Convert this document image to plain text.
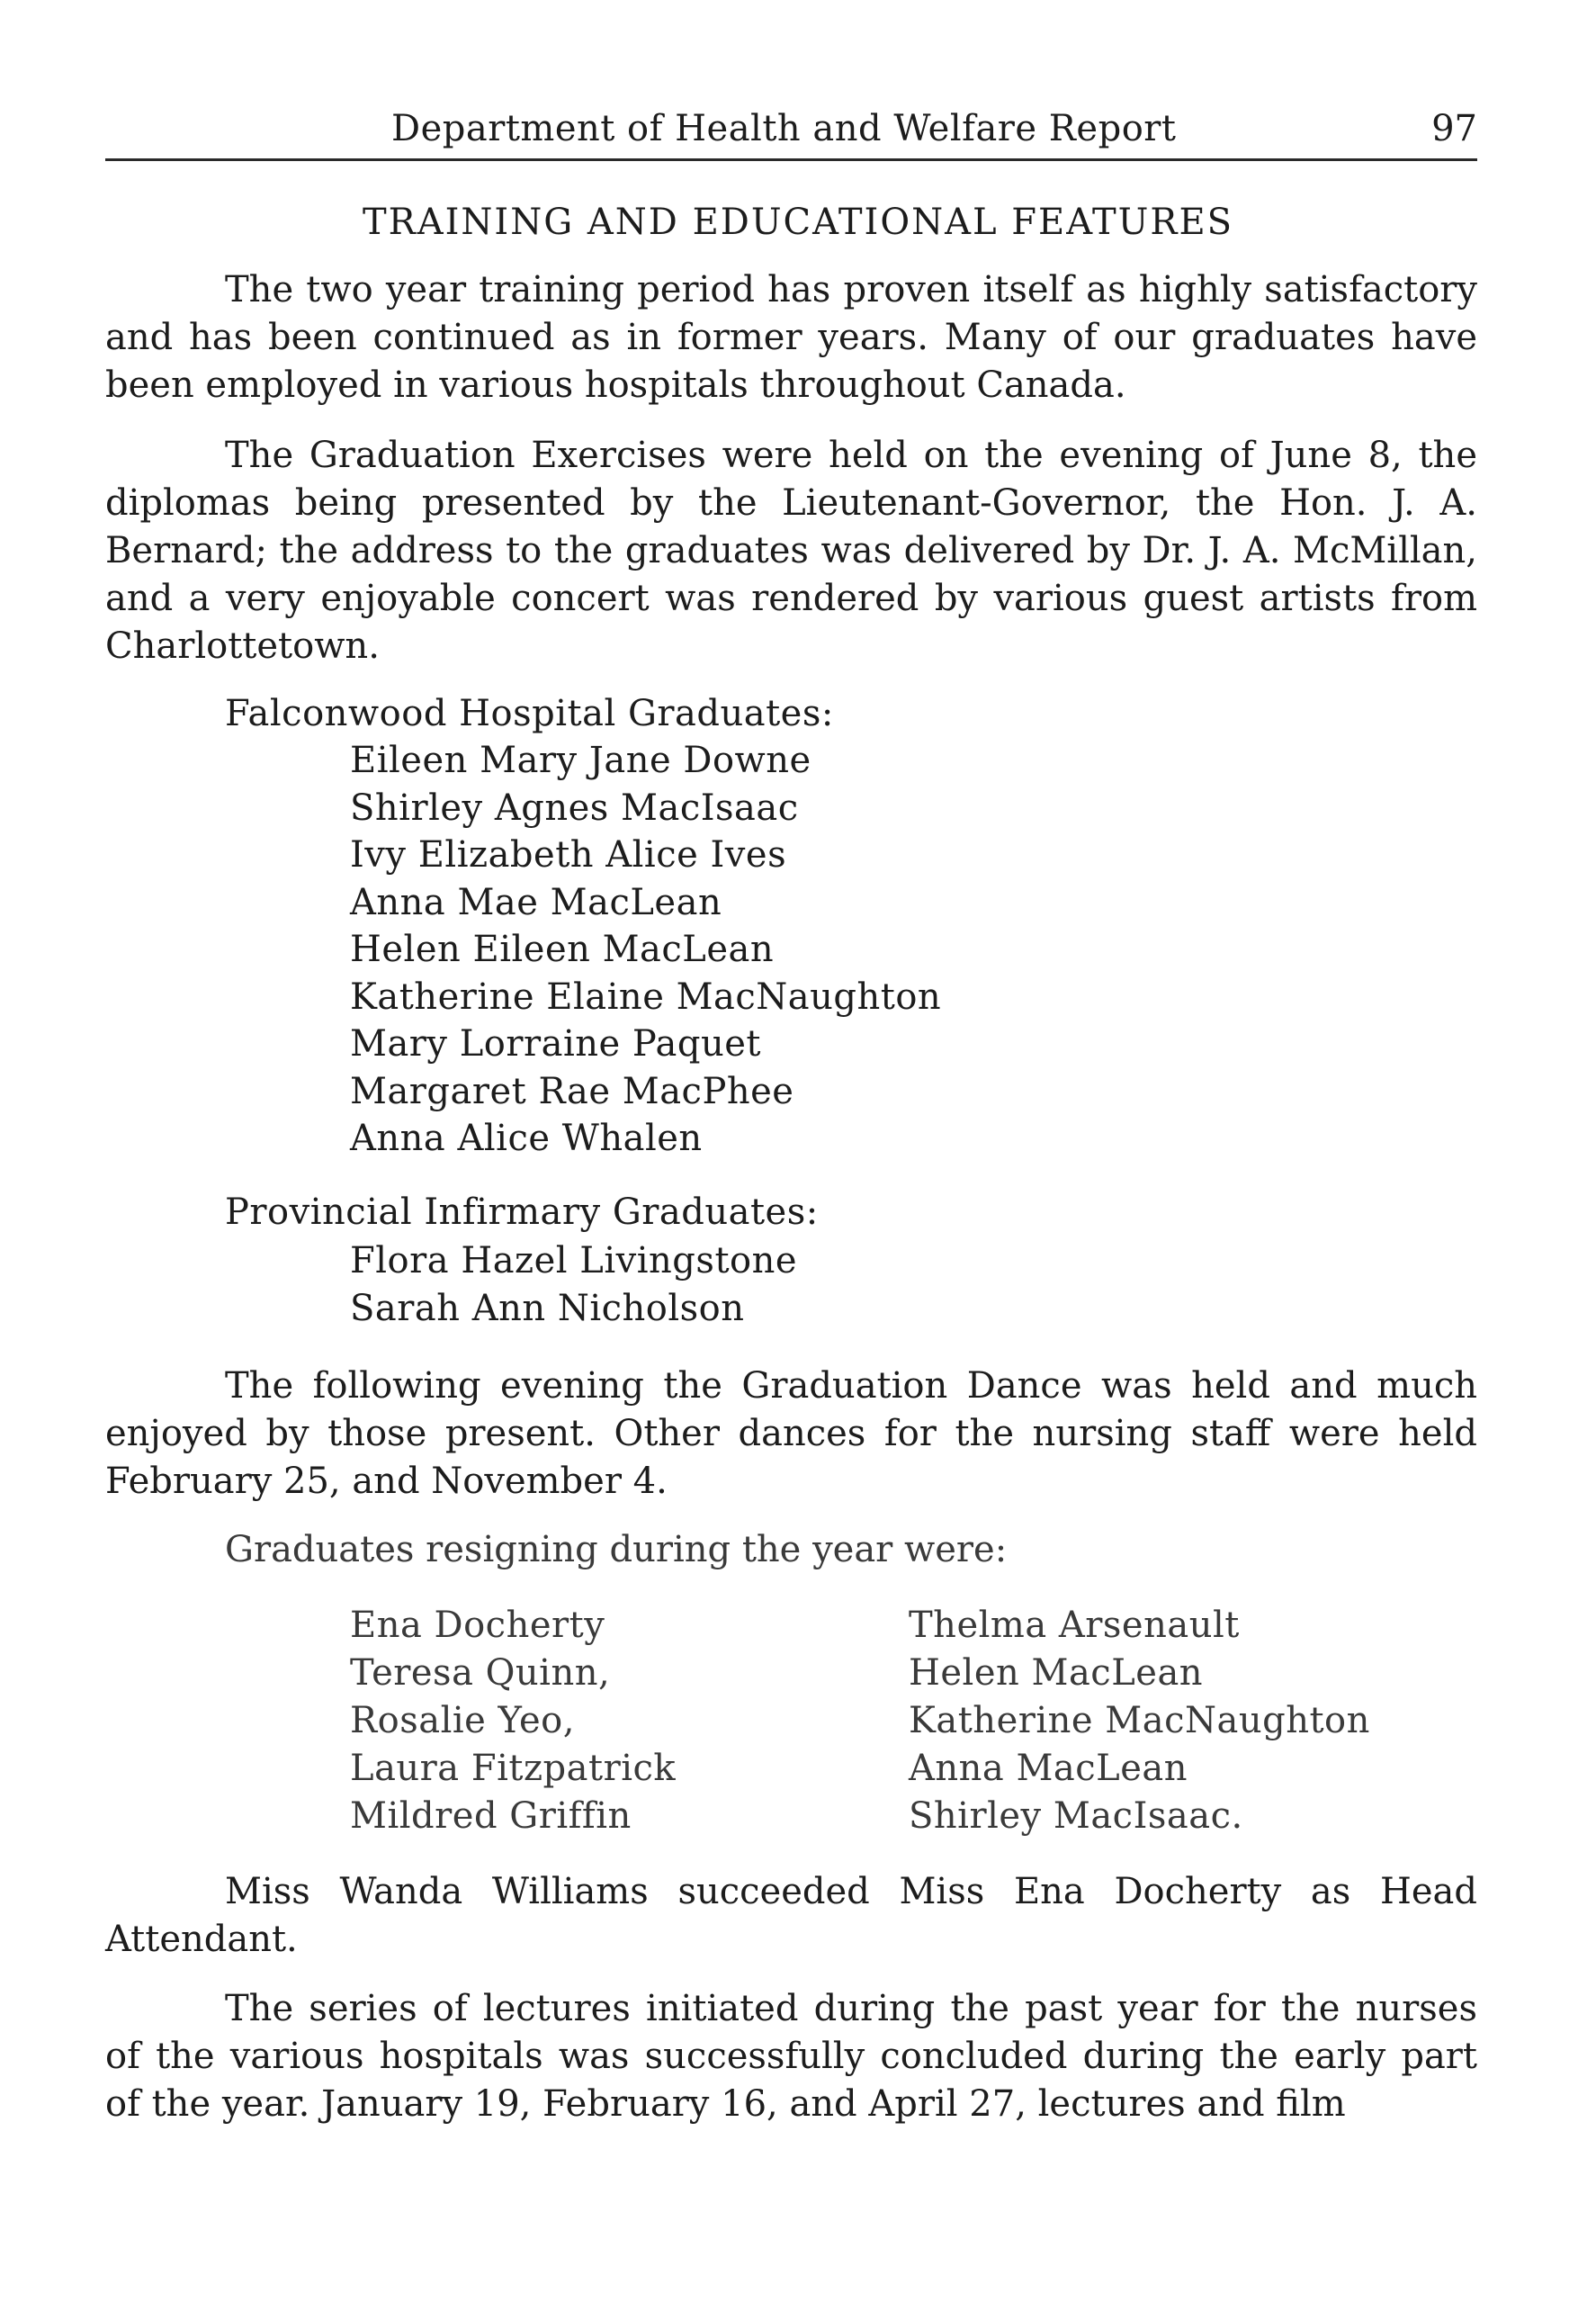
Department of Health and Welfare Report	97
TRAINING AND EDUCATIONAL FEATURES

The two year training period has proven itself as highly satisfactory and has been continued as in former years. Many of our graduates have been employed in various hospitals throughout Canada.

The Graduation Exercises were held on the evening of June 8, the diplomas being presented by the Lieutenant-Governor, the Hon. J. A. Bernard; the address to the graduates was delivered by Dr. J. A. McMillan, and a very enjoyable concert was rendered by various guest artists from Charlottetown.

Falconwood Hospital Graduates:
Eileen Mary Jane Downe
Shirley Agnes MacIsaac
Ivy Elizabeth Alice Ives
Anna Mae MacLean
Helen Eileen MacLean
Katherine Elaine MacNaughton
Mary Lorraine Paquet
Margaret Rae MacPhee
Anna Alice Whalen
Provincial Infirmary Graduates:
Flora Hazel Livingstone
Sarah Ann Nicholson

The following evening the Graduation Dance was held and much enjoyed by those present. Other dances for the nursing staff were held February 25, and November 4.

Graduates resigning during the year were:

Ena Docherty
Teresa Quinn,
Rosalie Yeo,
Laura Fitzpatrick
Mildred Griffin
Thelma Arsenault
Helen MacLean
Katherine MacNaughton
Anna MacLean
Shirley MacIsaac.

Miss Wanda Williams succeeded Miss Ena Docherty as Head Attendant.

The series of lectures initiated during the past year for the nurses of the various hospitals was successfully concluded during the early part of the year. January 19, February 16, and April 27, lectures and film
